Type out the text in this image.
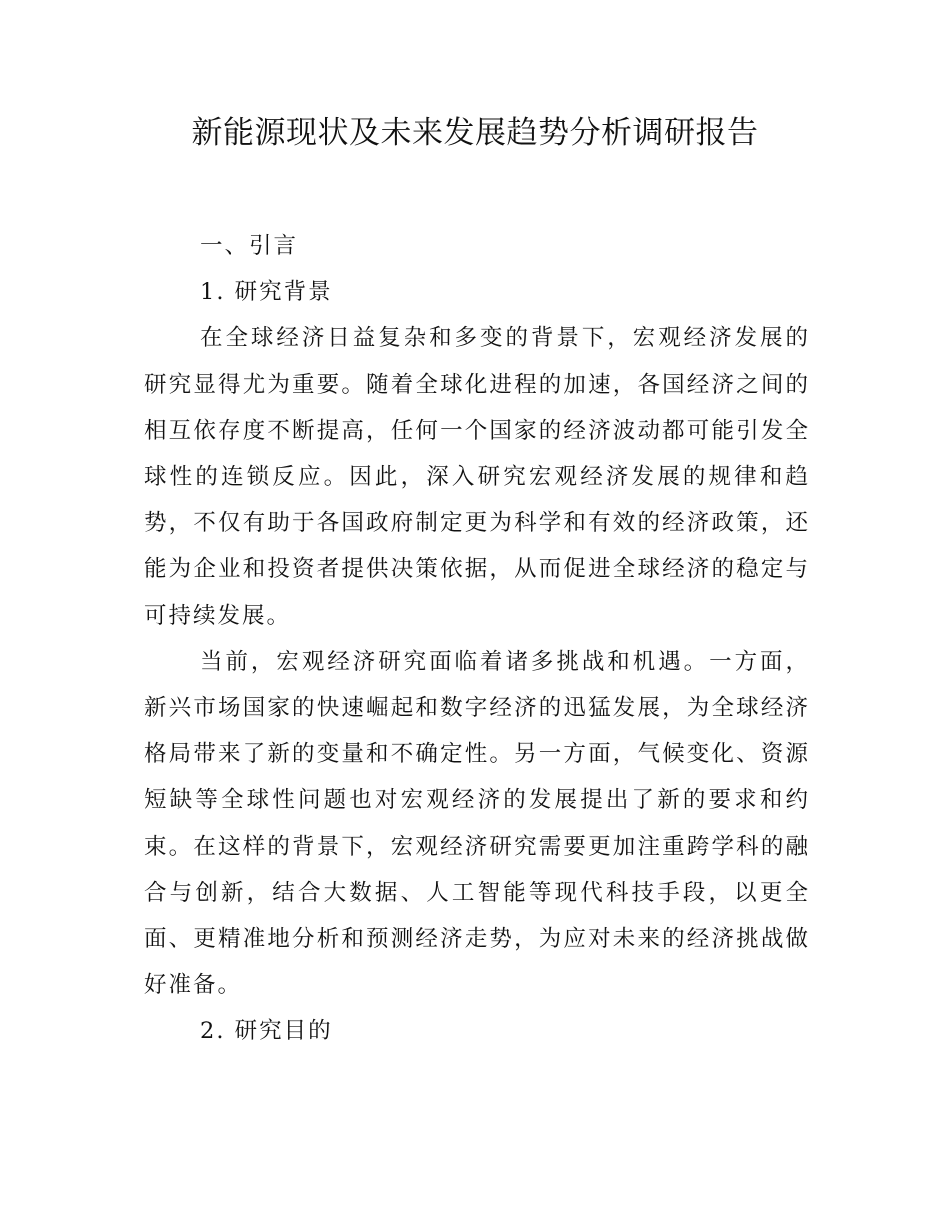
新能源现状及未来发展趋势分析调研报告

一、引言

1. 研究背景

在全球经济日益复杂和多变的背景下，宏观经济发展的研究显得尤为重要。随着全球化进程的加速，各国经济之间的相互依存度不断提高，任何一个国家的经济波动都可能引发全球性的连锁反应。因此，深入研究宏观经济发展的规律和趋势，不仅有助于各国政府制定更为科学和有效的经济政策，还能为企业和投资者提供决策依据，从而促进全球经济的稳定与可持续发展。

当前，宏观经济研究面临着诸多挑战和机遇。一方面，新兴市场国家的快速崛起和数字经济的迅猛发展，为全球经济格局带来了新的变量和不确定性。另一方面，气候变化、资源短缺等全球性问题也对宏观经济的发展提出了新的要求和约束。在这样的背景下，宏观经济研究需要更加注重跨学科的融合与创新，结合大数据、人工智能等现代科技手段，以更全面、更精准地分析和预测经济走势，为应对未来的经济挑战做好准备。

2. 研究目的
